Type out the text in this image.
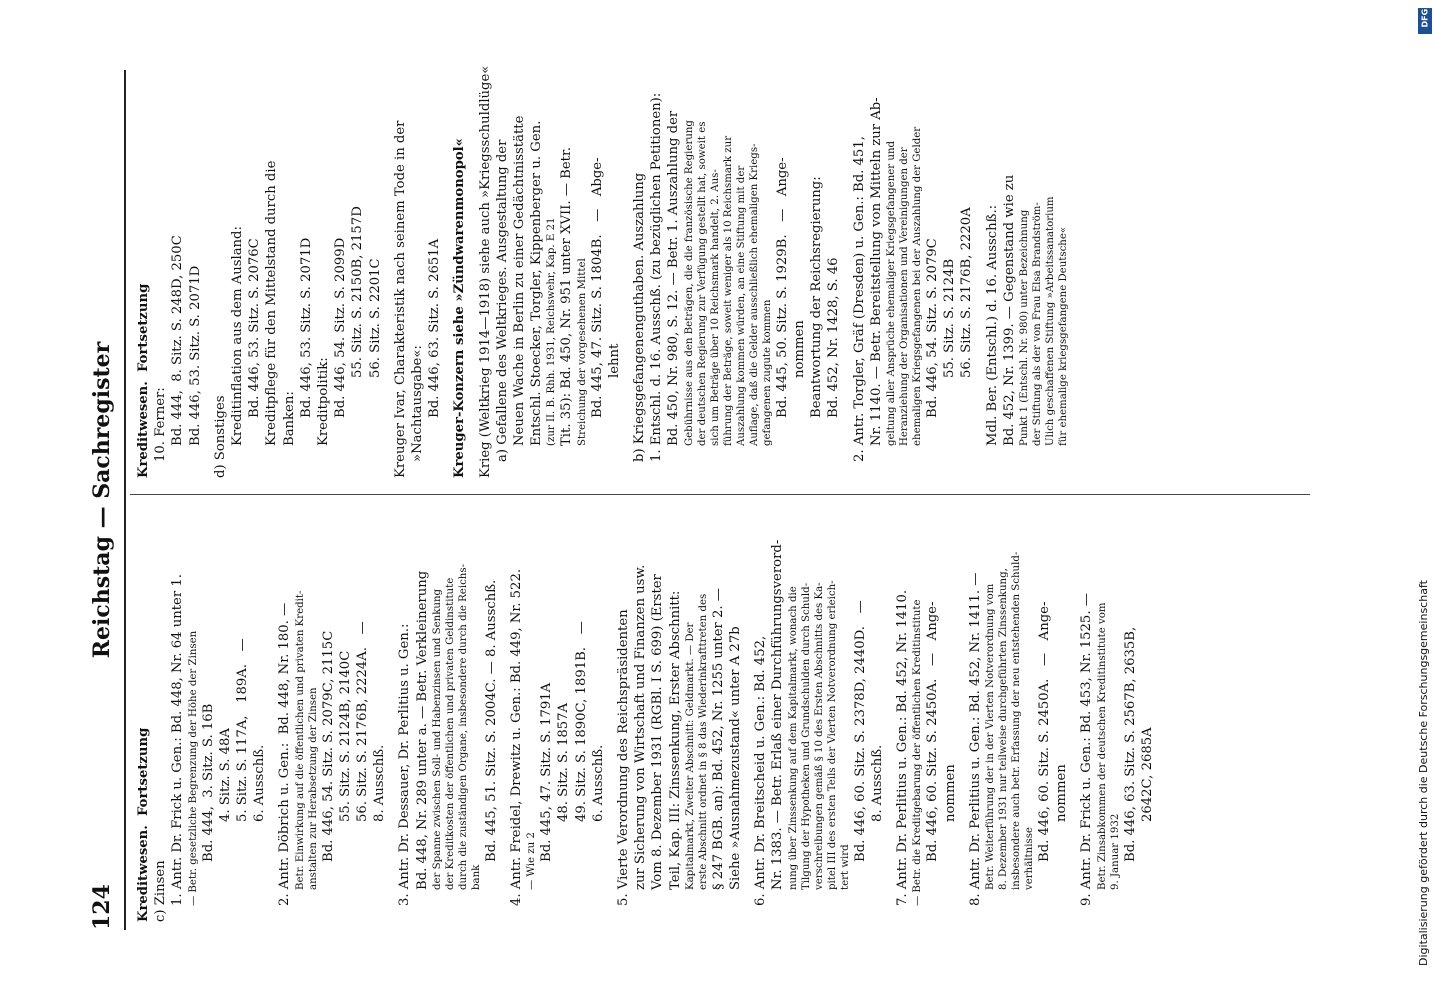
124
Reichstag — Sachregister
Kreditwesen.  Fortsetzung c) Zinsen 1. Antr. Dr. Frick u. Gen.: Bd. 448, Nr. 64 unter 1. — Betr. gesetzliche Begrenzung der Höhe der Zinsen Bd. 444,  3. Sitz. S. 16B 4. Sitz. S. 48A 5. Sitz. S. 117A,   189A.   — 6. Ausschß. 2. Antr. Döbrich u. Gen.:  Bd. 448, Nr. 180. — Betr. Einwirkung auf die öffentlichen und privaten Kredit- anstalten zur Herabsetzung der Zinsen Bd. 446, 54. Sitz. S. 2079C, 2115C 55. Sitz. S. 2124B, 2140C 56. Sitz. S. 2176B, 2224A.   — 8. Ausschß. 3. Antr. Dr. Dessauer, Dr. Perlitius u. Gen.: Bd. 448, Nr. 289 unter a. — Betr. Verkleinerung der Spanne zwischen Soll- und Habenzinsen und Senkung der Kreditkosten der öffentlichen und privaten Geldinstitute durch die zuständigen Organe, insbesondere durch die Reichs- bank
Bd. 445, 51. Sitz. S. 2004C. — 8. Ausschß. 4. Antr. Freidel, Drewitz u. Gen.: Bd. 449, Nr. 522. — Wie zu 2 Bd. 445, 47. Sitz. S. 1791A 48. Sitz. S. 1857A 49. Sitz. S. 1890C, 1891B.   — 6. Ausschß. 5. Vierte Verordnung des Reichspräsidenten zur Sicherung von Wirtschaft und Finanzen usw. Vom 8. Dezember 1931 (RGBl. I S. 699) (Erster Teil, Kap. III: Zinssenkung, Erster Abschnitt: Kapitalmarkt, Zweiter Abschnitt: Geldmarkt. — Der erste Abschnitt ordnet in § 8 das Wiederinkrafttreten des § 247 BGB. an): Bd. 452, Nr. 1255 unter 2. — Siehe »Ausnahmezustand« unter A 27b 6. Antr. Dr. Breitscheid u. Gen.: Bd. 452, Nr. 1383. — Betr. Erlaß einer Durchführungsverord- nung über Zinssenkung auf dem Kapitalmarkt, wonach die Tilgung der Hypotheken und Grundschulden durch Schuld- verschreibungen gemäß § 10 des Ersten Abschnitts des Ka- pitel III des ersten Teils der Vierten Notverordnung erleich- tert wird
Bd. 446, 60. Sitz. S. 2378D, 2440D.   — 8. Ausschß. 7. Antr. Dr. Perlitius u. Gen.: Bd. 452, Nr. 1410. — Betr. die Kreditgebarung der öffentlichen Kreditinstitute Bd. 446, 60. Sitz. S. 2450A.   —   Ange- nommen 8. Antr. Dr. Perlitius u. Gen.: Bd. 452, Nr. 1411. — Betr. Weiterführung der in der Vierten Notverordnung vom 8. Dezember 1931 nur teilweise durchgeführten Zinssenkung, insbesondere auch betr. Erfassung der neu entstehenden Schuld- verhältnisse Bd. 446, 60. Sitz. S. 2450A.   —   Ange- nommen 9. Antr. Dr. Frick u. Gen.: Bd. 453, Nr. 1525. — Betr. Zinsabkommen der deutschen Kreditinstitute vom 9. Januar 1932 Bd. 446, 63. Sitz. S. 2567B, 2635B, 2642C, 2685A
Kreditwesen.  Fortsetzung 10. Ferner: Bd. 444,  8. Sitz. S. 248D, 250C Bd. 446, 53. Sitz. S. 2071D d) Sonstiges Kreditinflation aus dem Ausland: Bd. 446, 53. Sitz. S. 2076C Kreditpflege für den Mittelstand durch die Banken:
Bd. 446, 53. Sitz. S. 2071D Kreditpolitik: Bd. 446, 54. Sitz. S. 2099D 55. Sitz. S. 2150B, 2157D 56. Sitz. S. 2201C Kreuger Ivar, Charakteristik nach seinem Tode in der »Nachtausgabe«: Bd. 446, 63. Sitz. S. 2651A Kreuger-Konzern siehe »Zündwarenmonopol« Krieg (Weltkrieg 1914—1918) siehe auch »Kriegsschuldlüge« a) Gefallene des Weltkrieges. Ausgestaltung der Neuen Wache in Berlin zu einer Gedächtnisstätte Entschl. Stoecker, Torgler, Kippenberger u. Gen. (zur II. B. Rhh. 1931, Reichswehr, Kap. E 21 Tit. 35): Bd. 450, Nr. 951 unter XVII. — Betr. Streichung der vorgesehenen Mittel Bd. 445, 47. Sitz. S. 1804B.   —   Abge- lehnt b) Kriegsgefangenenguthaben. Auszahlung 1. Entschl. d. 16. Ausschß. (zu bezüglichen Petitionen): Bd. 450, Nr. 980, S. 12. — Betr. 1. Auszahlung der Gebührnisse aus den Beträgen, die die französische Regierung der deutschen Regierung zur Verfügung gestellt hat, soweit es sich um Beträge über 10 Reichsmark handelt, 2. Aus- führung der Beträge, soweit weniger als 10 Reichsmark zur Auszahlung kommen würden, an eine Stiftung mit der Auflage, daß die Gelder ausschließlich ehemaligen Kriegs- gefangenen zugute kommen Bd. 445, 50. Sitz. S. 1929B.   —   Ange- nommen Beantwortung der Reichsregierung: Bd. 452, Nr. 1428, S. 46 2. Antr. Torgler, Gräf (Dresden) u. Gen.: Bd. 451, Nr. 1140. — Betr. Bereitstellung von Mitteln zur Ab- geltung aller Ansprüche ehemaliger Kriegsgefangener und Heranziehung der Organisationen und Vereinigungen der ehemaligen Kriegsgefangenen bei der Auszahlung der Gelder Bd. 446, 54. Sitz. S. 2079C 55. Sitz. S. 2124B 56. Sitz. S. 2176B, 2220A Mdl. Ber. (Entschl.) d. 16. Ausschß.: Bd. 452, Nr. 1399. — Gegenstand wie zu Punkt 1 (Entschl. Nr. 980) unter Bezeichnung der Stiftung als der von Frau Elsa Brandström- Ulich geschaffenen Stiftung »Arbeitssanatorium für ehemalige kriegsgefangene Deutsche«
Digitalisierung gefördert durch die Deutsche Forschungsgemeinschaft
DFG
